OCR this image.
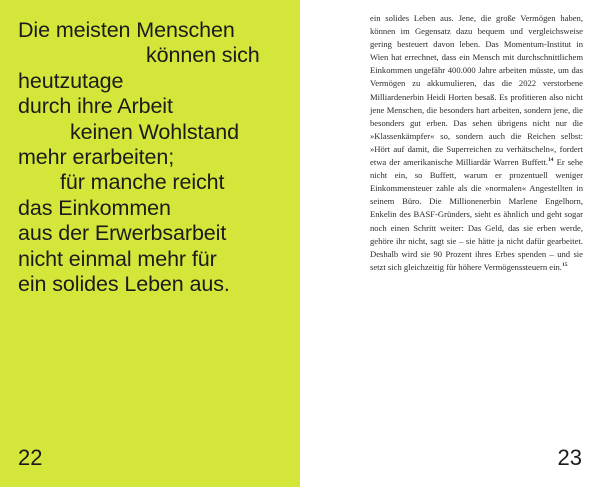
Die meisten Menschen
können sich
heutzutage
durch ihre Arbeit
keinen Wohlstand
mehr erarbeiten;
für manche reicht
das Einkommen
aus der Erwerbsarbeit
nicht einmal mehr für
ein solides Leben aus.
22	23
ein solides Leben aus. Jene, die große Vermögen haben, können im Gegensatz dazu bequem und vergleichsweise gering besteuert davon leben. Das Momentum-Institut in Wien hat errechnet, dass ein Mensch mit durchschnittlichem Einkommen ungefähr 400.000 Jahre arbeiten müsste, um das Vermögen zu akkumulieren, das die 2022 verstorbene Milliardenerbin Heidi Horten besaß. Es profitieren also nicht jene Menschen, die besonders hart arbeiten, sondern jene, die besonders gut erben. Das sehen übrigens nicht nur die »Klassenkämpfer« so, sondern auch die Reichen selbst: »Hört auf damit, die Superreichen zu verhätscheln«, fordert etwa der amerikanische Milliardär Warren Buffett.$^{14}$ Er sehe nicht ein, so Buffett, warum er prozentuell weniger Einkommensteuer zahle als die »normalen« Angestellten in seinem Büro. Die Millionenerbin Marlene Engelhorn, Enkelin des BASF-Gründers, sieht es ähnlich und geht sogar noch einen Schritt weiter: Das Geld, das sie erben werde, gehöre ihr nicht, sagt sie – sie hätte ja nicht dafür gearbeitet. Deshalb wird sie 90 Prozent ihres Erbes spenden – und sie setzt sich gleichzeitig für höhere Vermögenssteuern ein.$^{15}$
